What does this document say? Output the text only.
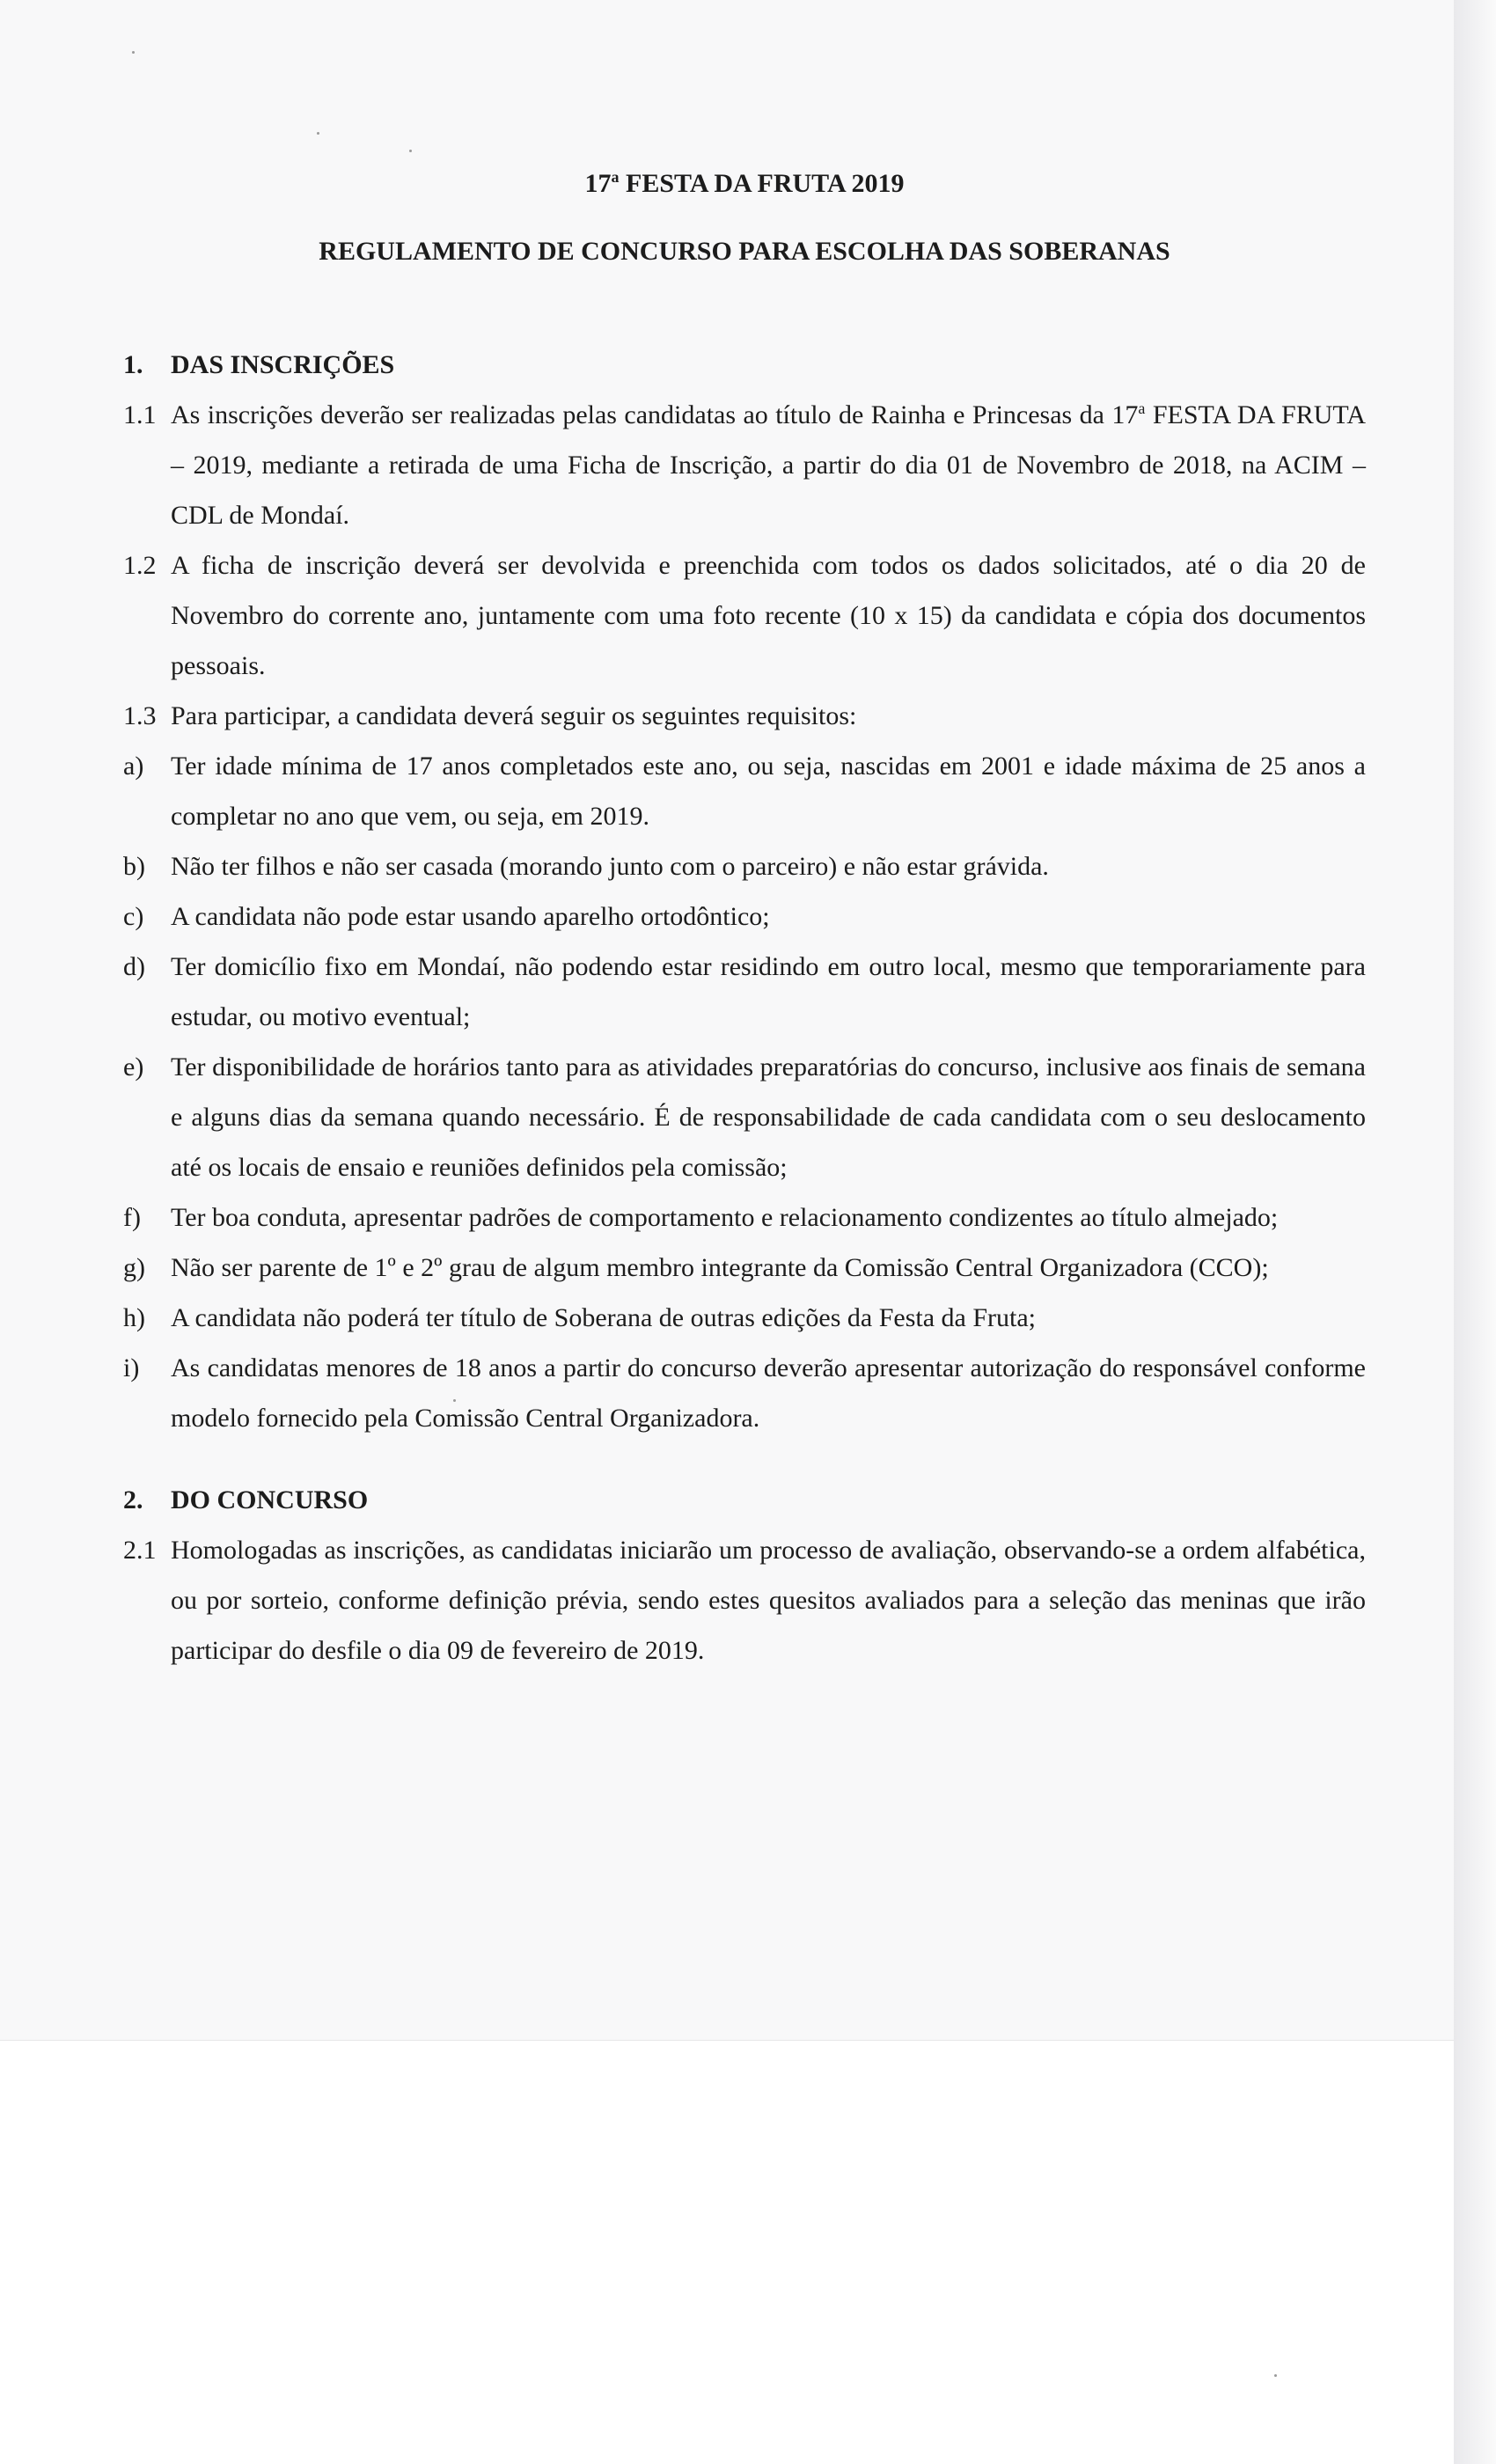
17$^a$ FESTA DA FRUTA 2019
REGULAMENTO DE CONCURSO PARA ESCOLHA DAS SOBERANAS

1. DAS INSCRIÇÕES

1.1 As inscrições deverão ser realizadas pelas candidatas ao título de Rainha e Princesas da 17$^a$ FESTA DA FRUTA – 2019, mediante a retirada de uma Ficha de Inscrição, a partir do dia 01 de Novembro de 2018, na ACIM – CDL de Mondaí.
1.2 A ficha de inscrição deverá ser devolvida e preenchida com todos os dados solicitados, até o dia 20 de Novembro do corrente ano, juntamente com uma foto recente (10 x 15) da candidata e cópia dos documentos pessoais.
1.3 Para participar, a candidata deverá seguir os seguintes requisitos:
a) Ter idade mínima de 17 anos completados este ano, ou seja, nascidas em 2001 e idade máxima de 25 anos a completar no ano que vem, ou seja, em 2019.
b) Não ter filhos e não ser casada (morando junto com o parceiro) e não estar grávida.
c) A candidata não pode estar usando aparelho ortodôntico;
d) Ter domicílio fixo em Mondaí, não podendo estar residindo em outro local, mesmo que temporariamente para estudar, ou motivo eventual;
e) Ter disponibilidade de horários tanto para as atividades preparatórias do concurso, inclusive aos finais de semana e alguns dias da semana quando necessário. É de responsabilidade de cada candidata com o seu deslocamento até os locais de ensaio e reuniões definidos pela comissão;
f) Ter boa conduta, apresentar padrões de comportamento e relacionamento condizentes ao título almejado;
g) Não ser parente de 1º e 2º grau de algum membro integrante da Comissão Central Organizadora (CCO);
h) A candidata não poderá ter título de Soberana de outras edições da Festa da Fruta;
i) As candidatas menores de 18 anos a partir do concurso deverão apresentar autorização do responsável conforme modelo fornecido pela Comissão Central Organizadora.

2. DO CONCURSO

2.1 Homologadas as inscrições, as candidatas iniciarão um processo de avaliação, observando-se a ordem alfabética, ou por sorteio, conforme definição prévia, sendo estes quesitos avaliados para a seleção das meninas que irão participar do desfile o dia 09 de fevereiro de 2019.
